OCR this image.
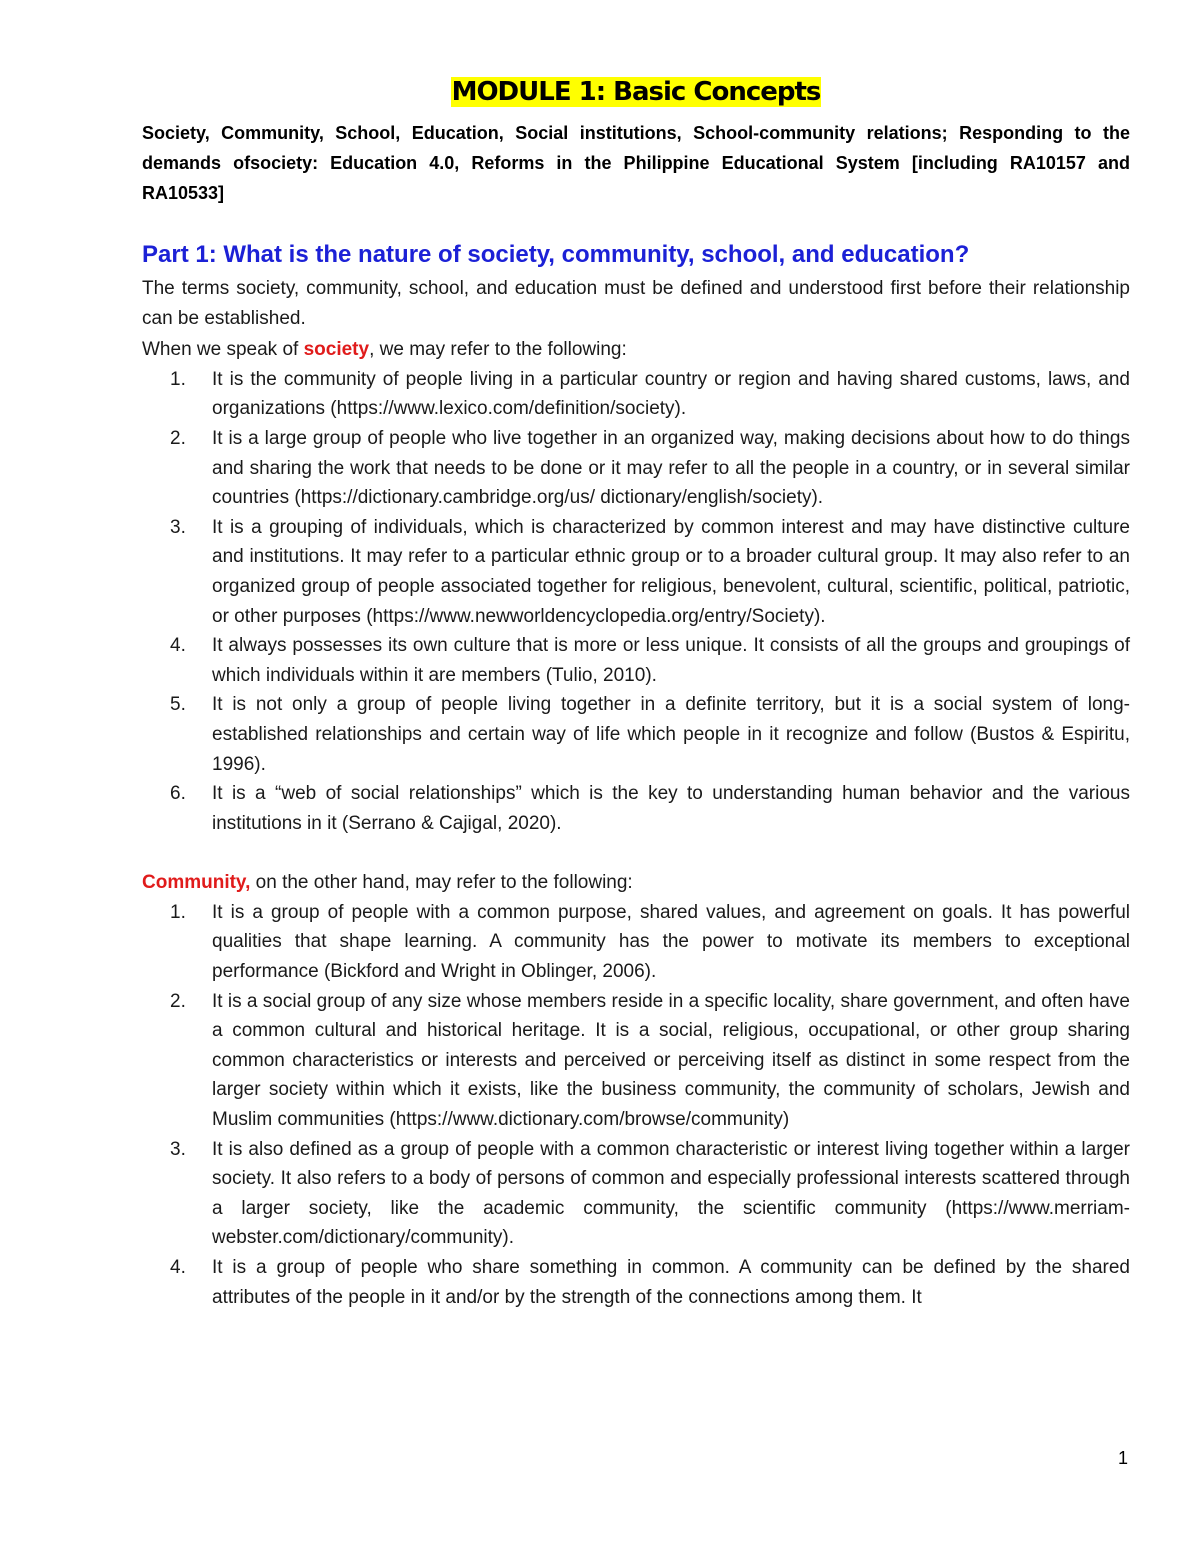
MODULE 1: Basic Concepts
Society, Community, School, Education, Social institutions, School-community relations; Responding to the demands ofsociety: Education 4.0, Reforms in the Philippine Educational System [including RA10157 and RA10533]
Part 1: What is the nature of society, community, school, and education?

The terms society, community, school, and education must be defined and understood first before their relationship can be established.

When we speak of society, we may refer to the following:

1. It is the community of people living in a particular country or region and having shared customs, laws, and organizations (https://www.lexico.com/definition/society).
2. It is a large group of people who live together in an organized way, making decisions about how to do things and sharing the work that needs to be done or it may refer to all the people in a country, or in several similar countries (https://dictionary.cambridge.org/us/ dictionary/english/society).
3. It is a grouping of individuals, which is characterized by common interest and may have distinctive culture and institutions. It may refer to a particular ethnic group or to a broader cultural group. It may also refer to an organized group of people associated together for religious, benevolent, cultural, scientific, political, patriotic, or other purposes (https://www.newworldencyclopedia.org/entry/Society).
4. It always possesses its own culture that is more or less unique. It consists of all the groups and groupings of which individuals within it are members (Tulio, 2010).
5. It is not only a group of people living together in a definite territory, but it is a social system of long-established relationships and certain way of life which people in it recognize and follow (Bustos & Espiritu, 1996).
6. It is a “web of social relationships” which is the key to understanding human behavior and the various institutions in it (Serrano & Cajigal, 2020).

Community, on the other hand, may refer to the following:

1. It is a group of people with a common purpose, shared values, and agreement on goals. It has powerful qualities that shape learning. A community has the power to motivate its members to exceptional performance (Bickford and Wright in Oblinger, 2006).
2. It is a social group of any size whose members reside in a specific locality, share government, and often have a common cultural and historical heritage. It is a social, religious, occupational, or other group sharing common characteristics or interests and perceived or perceiving itself as distinct in some respect from the larger society within which it exists, like the business community, the community of scholars, Jewish and Muslim communities (https://www.dictionary.com/browse/community)
3. It is also defined as a group of people with a common characteristic or interest living together within a larger society. It also refers to a body of persons of common and especially professional interests scattered through a larger society, like the academic community, the scientific community (https://www.merriam-webster.com/dictionary/community).
4. It is a group of people who share something in common. A community can be defined by the shared attributes of the people in it and/or by the strength of the connections among them. It
1
